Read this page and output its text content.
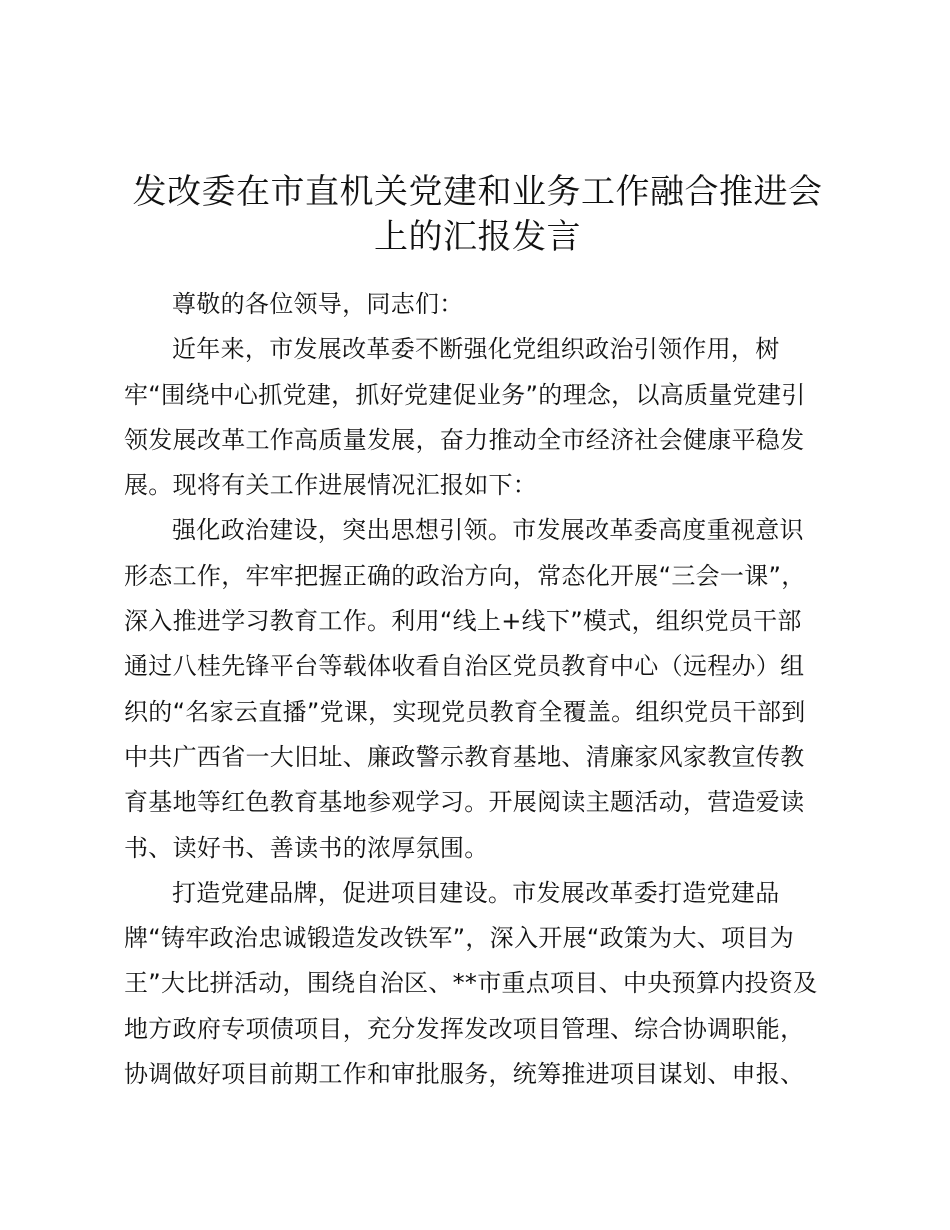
发改委在市直机关党建和业务工作融合推进会
上的汇报发言
尊敬的各位领导，同志们：
近年来，市发展改革委不断强化党组织政治引领作用，树
牢“围绕中心抓党建，抓好党建促业务”的理念，以高质量党建引
领发展改革工作高质量发展，奋力推动全市经济社会健康平稳发
展。现将有关工作进展情况汇报如下：
强化政治建设，突出思想引领。市发展改革委高度重视意识
形态工作，牢牢把握正确的政治方向，常态化开展“三会一课”，
深入推进学习教育工作。利用“线上+线下”模式，组织党员干部
通过八桂先锋平台等载体收看自治区党员教育中心（远程办）组
织的“名家云直播”党课，实现党员教育全覆盖。组织党员干部到
中共广西省一大旧址、廉政警示教育基地、清廉家风家教宣传教
育基地等红色教育基地参观学习。开展阅读主题活动，营造爱读
书、读好书、善读书的浓厚氛围。
打造党建品牌，促进项目建设。市发展改革委打造党建品
牌“铸牢政治忠诚锻造发改铁军”，深入开展“政策为大、项目为
王”大比拼活动，围绕自治区、**市重点项目、中央预算内投资及
地方政府专项债项目，充分发挥发改项目管理、综合协调职能，
协调做好项目前期工作和审批服务，统筹推进项目谋划、申报、
